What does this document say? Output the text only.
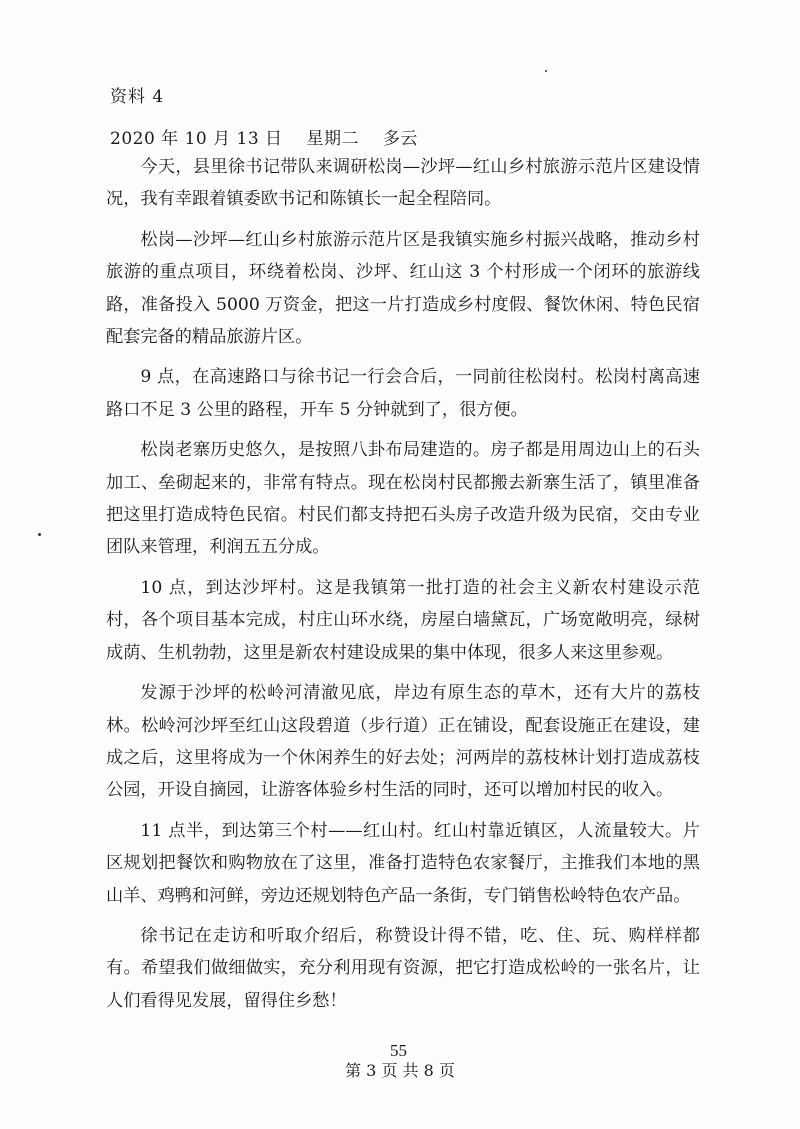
资料 4
2020 年 10 月 13 日 星期二 多云

今天，县里徐书记带队来调研松岗—沙坪—红山乡村旅游示范片区建设情况，我有幸跟着镇委欧书记和陈镇长一起全程陪同。

松岗—沙坪—红山乡村旅游示范片区是我镇实施乡村振兴战略，推动乡村旅游的重点项目，环绕着松岗、沙坪、红山这 3 个村形成一个闭环的旅游线路，准备投入 5000 万资金，把这一片打造成乡村度假、餐饮休闲、特色民宿配套完备的精品旅游片区。

9 点，在高速路口与徐书记一行会合后，一同前往松岗村。松岗村离高速路口不足 3 公里的路程，开车 5 分钟就到了，很方便。

松岗老寨历史悠久，是按照八卦布局建造的。房子都是用周边山上的石头加工、垒砌起来的，非常有特点。现在松岗村民都搬去新寨生活了，镇里准备把这里打造成特色民宿。村民们都支持把石头房子改造升级为民宿，交由专业团队来管理，利润五五分成。

10 点，到达沙坪村。这是我镇第一批打造的社会主义新农村建设示范村，各个项目基本完成，村庄山环水绕，房屋白墙黛瓦，广场宽敞明亮，绿树成荫、生机勃勃，这里是新农村建设成果的集中体现，很多人来这里参观。

发源于沙坪的松岭河清澈见底，岸边有原生态的草木，还有大片的荔枝林。松岭河沙坪至红山这段碧道（步行道）正在铺设，配套设施正在建设，建成之后，这里将成为一个休闲养生的好去处；河两岸的荔枝林计划打造成荔枝公园，开设自摘园，让游客体验乡村生活的同时，还可以增加村民的收入。

11 点半，到达第三个村——红山村。红山村靠近镇区，人流量较大。片区规划把餐饮和购物放在了这里，准备打造特色农家餐厅，主推我们本地的黑山羊、鸡鸭和河鲜，旁边还规划特色产品一条街，专门销售松岭特色农产品。

徐书记在走访和听取介绍后，称赞设计得不错，吃、住、玩、购样样都有。希望我们做细做实，充分利用现有资源，把它打造成松岭的一张名片，让人们看得见发展，留得住乡愁！

55
第 3 页 共 8 页
